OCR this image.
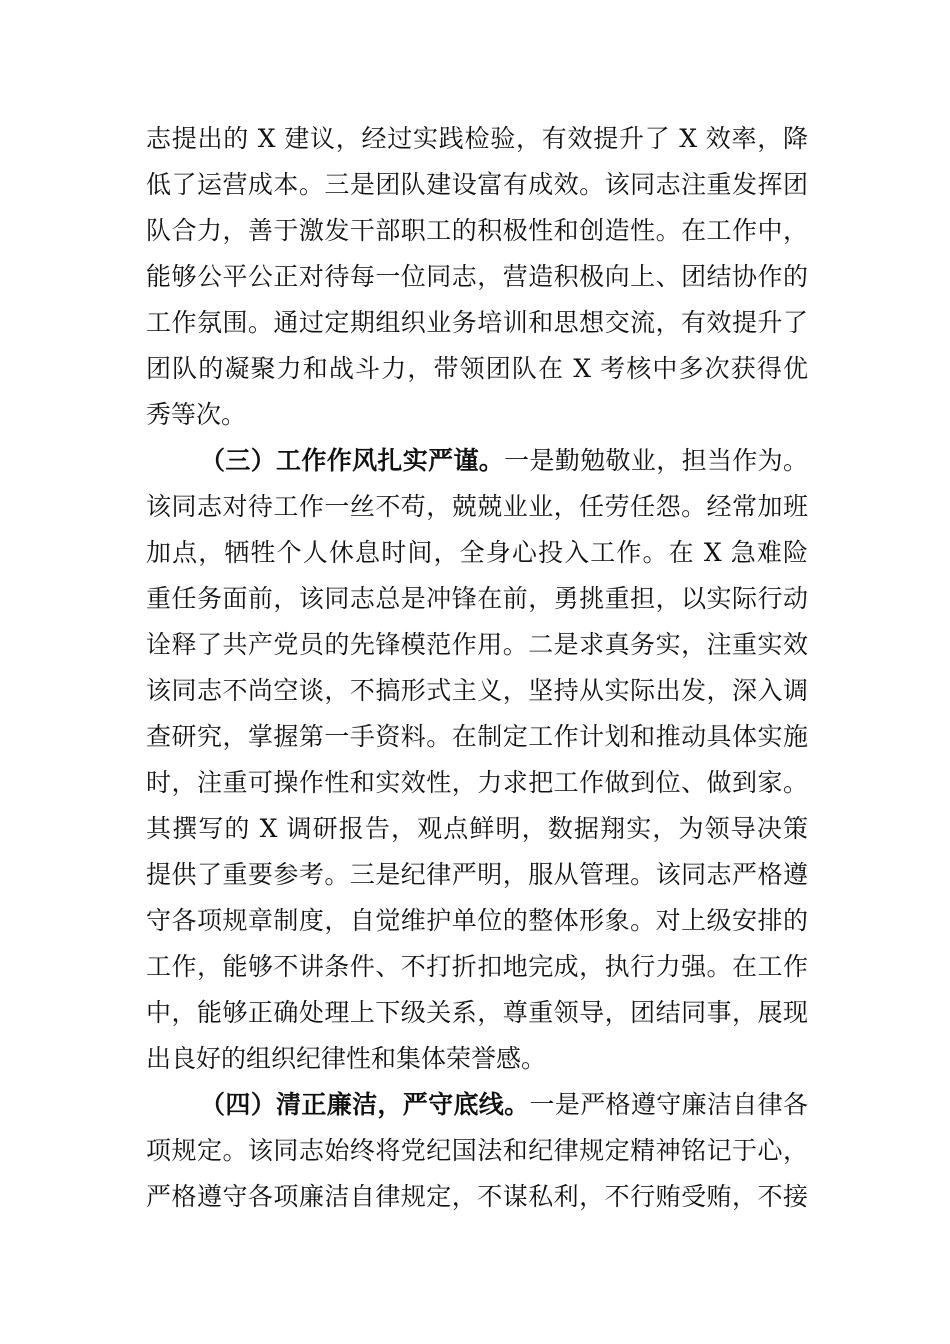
志提出的 X 建议，经过实践检验，有效提升了 X 效率，降
低了运营成本。三是团队建设富有成效。该同志注重发挥团
队合力，善于激发干部职工的积极性和创造性。在工作中，
能够公平公正对待每一位同志，营造积极向上、团结协作的
工作氛围。通过定期组织业务培训和思想交流，有效提升了
团队的凝聚力和战斗力，带领团队在 X 考核中多次获得优
秀等次。
（三）工作作风扎实严谨。一是勤勉敬业，担当作为。
该同志对待工作一丝不苟，兢兢业业，任劳任怨。经常加班
加点，牺牲个人休息时间，全身心投入工作。在 X 急难险
重任务面前，该同志总是冲锋在前，勇挑重担，以实际行动
诠释了共产党员的先锋模范作用。二是求真务实，注重实效
该同志不尚空谈，不搞形式主义，坚持从实际出发，深入调
查研究，掌握第一手资料。在制定工作计划和推动具体实施
时，注重可操作性和实效性，力求把工作做到位、做到家。
其撰写的 X 调研报告，观点鲜明，数据翔实，为领导决策
提供了重要参考。三是纪律严明，服从管理。该同志严格遵
守各项规章制度，自觉维护单位的整体形象。对上级安排的
工作，能够不讲条件、不打折扣地完成，执行力强。在工作
中，能够正确处理上下级关系，尊重领导，团结同事，展现
出良好的组织纪律性和集体荣誉感。
（四）清正廉洁，严守底线。一是严格遵守廉洁自律各
项规定。该同志始终将党纪国法和纪律规定精神铭记于心，
严格遵守各项廉洁自律规定，不谋私利，不行贿受贿，不接
